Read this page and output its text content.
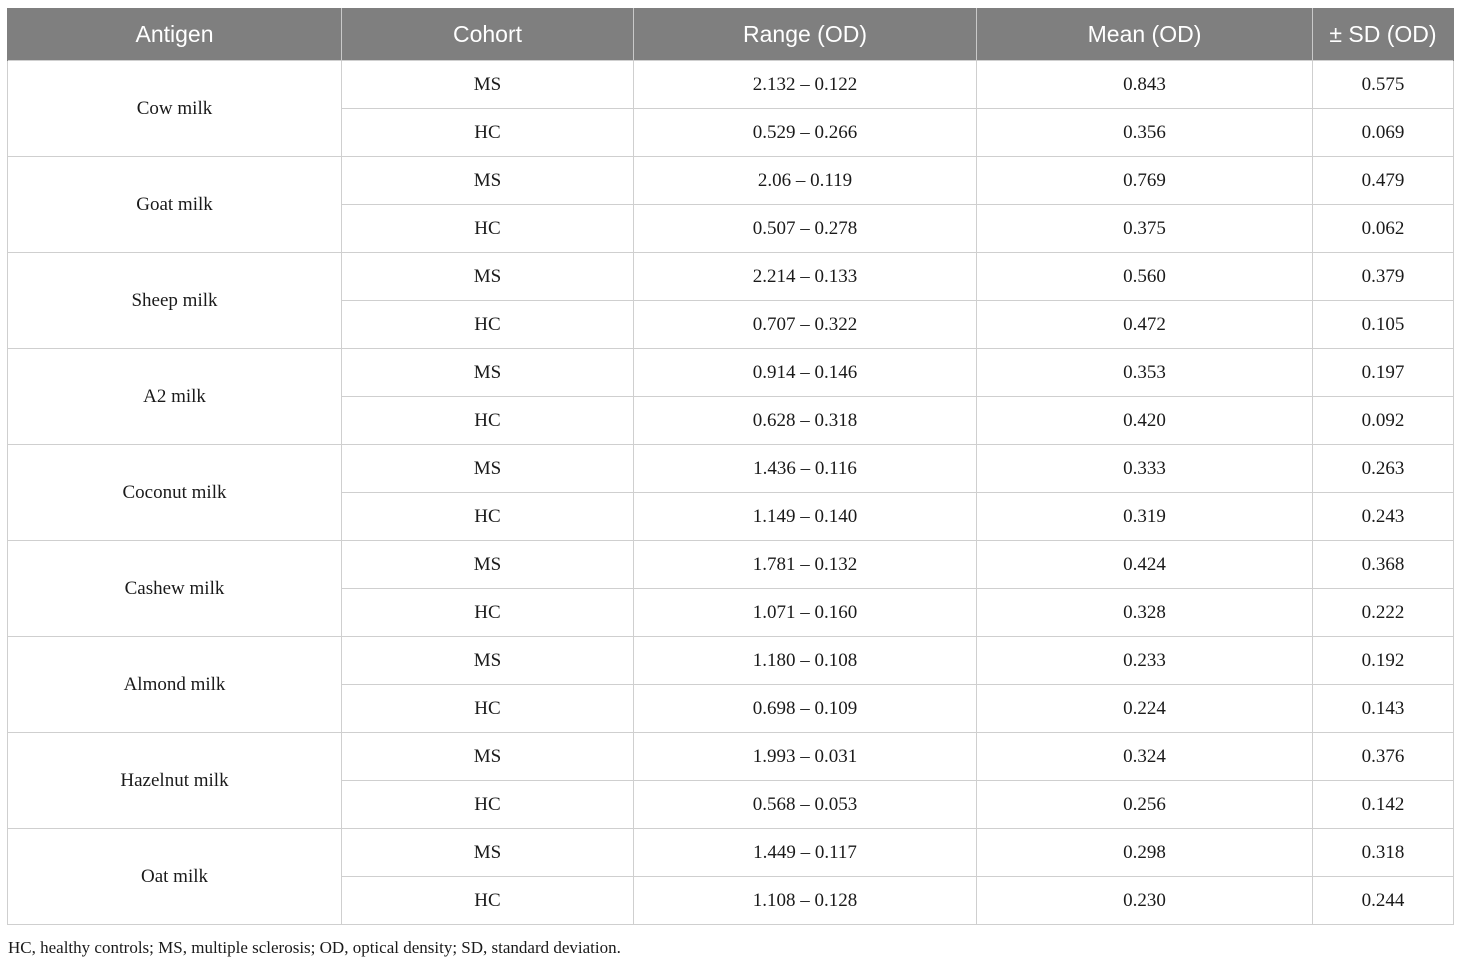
Antigen	Cohort	Range (OD)	Mean (OD)	± SD (OD)
Cow milk	MS	2.132 – 0.122	0.843	0.575
	HC	0.529 – 0.266	0.356	0.069
Goat milk	MS	2.06 – 0.119	0.769	0.479
	HC	0.507 – 0.278	0.375	0.062
Sheep milk	MS	2.214 – 0.133	0.560	0.379
	HC	0.707 – 0.322	0.472	0.105
A2 milk	MS	0.914 – 0.146	0.353	0.197
	HC	0.628 – 0.318	0.420	0.092
Coconut milk	MS	1.436 – 0.116	0.333	0.263
	HC	1.149 – 0.140	0.319	0.243
Cashew milk	MS	1.781 – 0.132	0.424	0.368
	HC	1.071 – 0.160	0.328	0.222
Almond milk	MS	1.180 – 0.108	0.233	0.192
	HC	0.698 – 0.109	0.224	0.143
Hazelnut milk	MS	1.993 – 0.031	0.324	0.376
	HC	0.568 – 0.053	0.256	0.142
Oat milk	MS	1.449 – 0.117	0.298	0.318
	HC	1.108 – 0.128	0.230	0.244
HC, healthy controls; MS, multiple sclerosis; OD, optical density; SD, standard deviation.
